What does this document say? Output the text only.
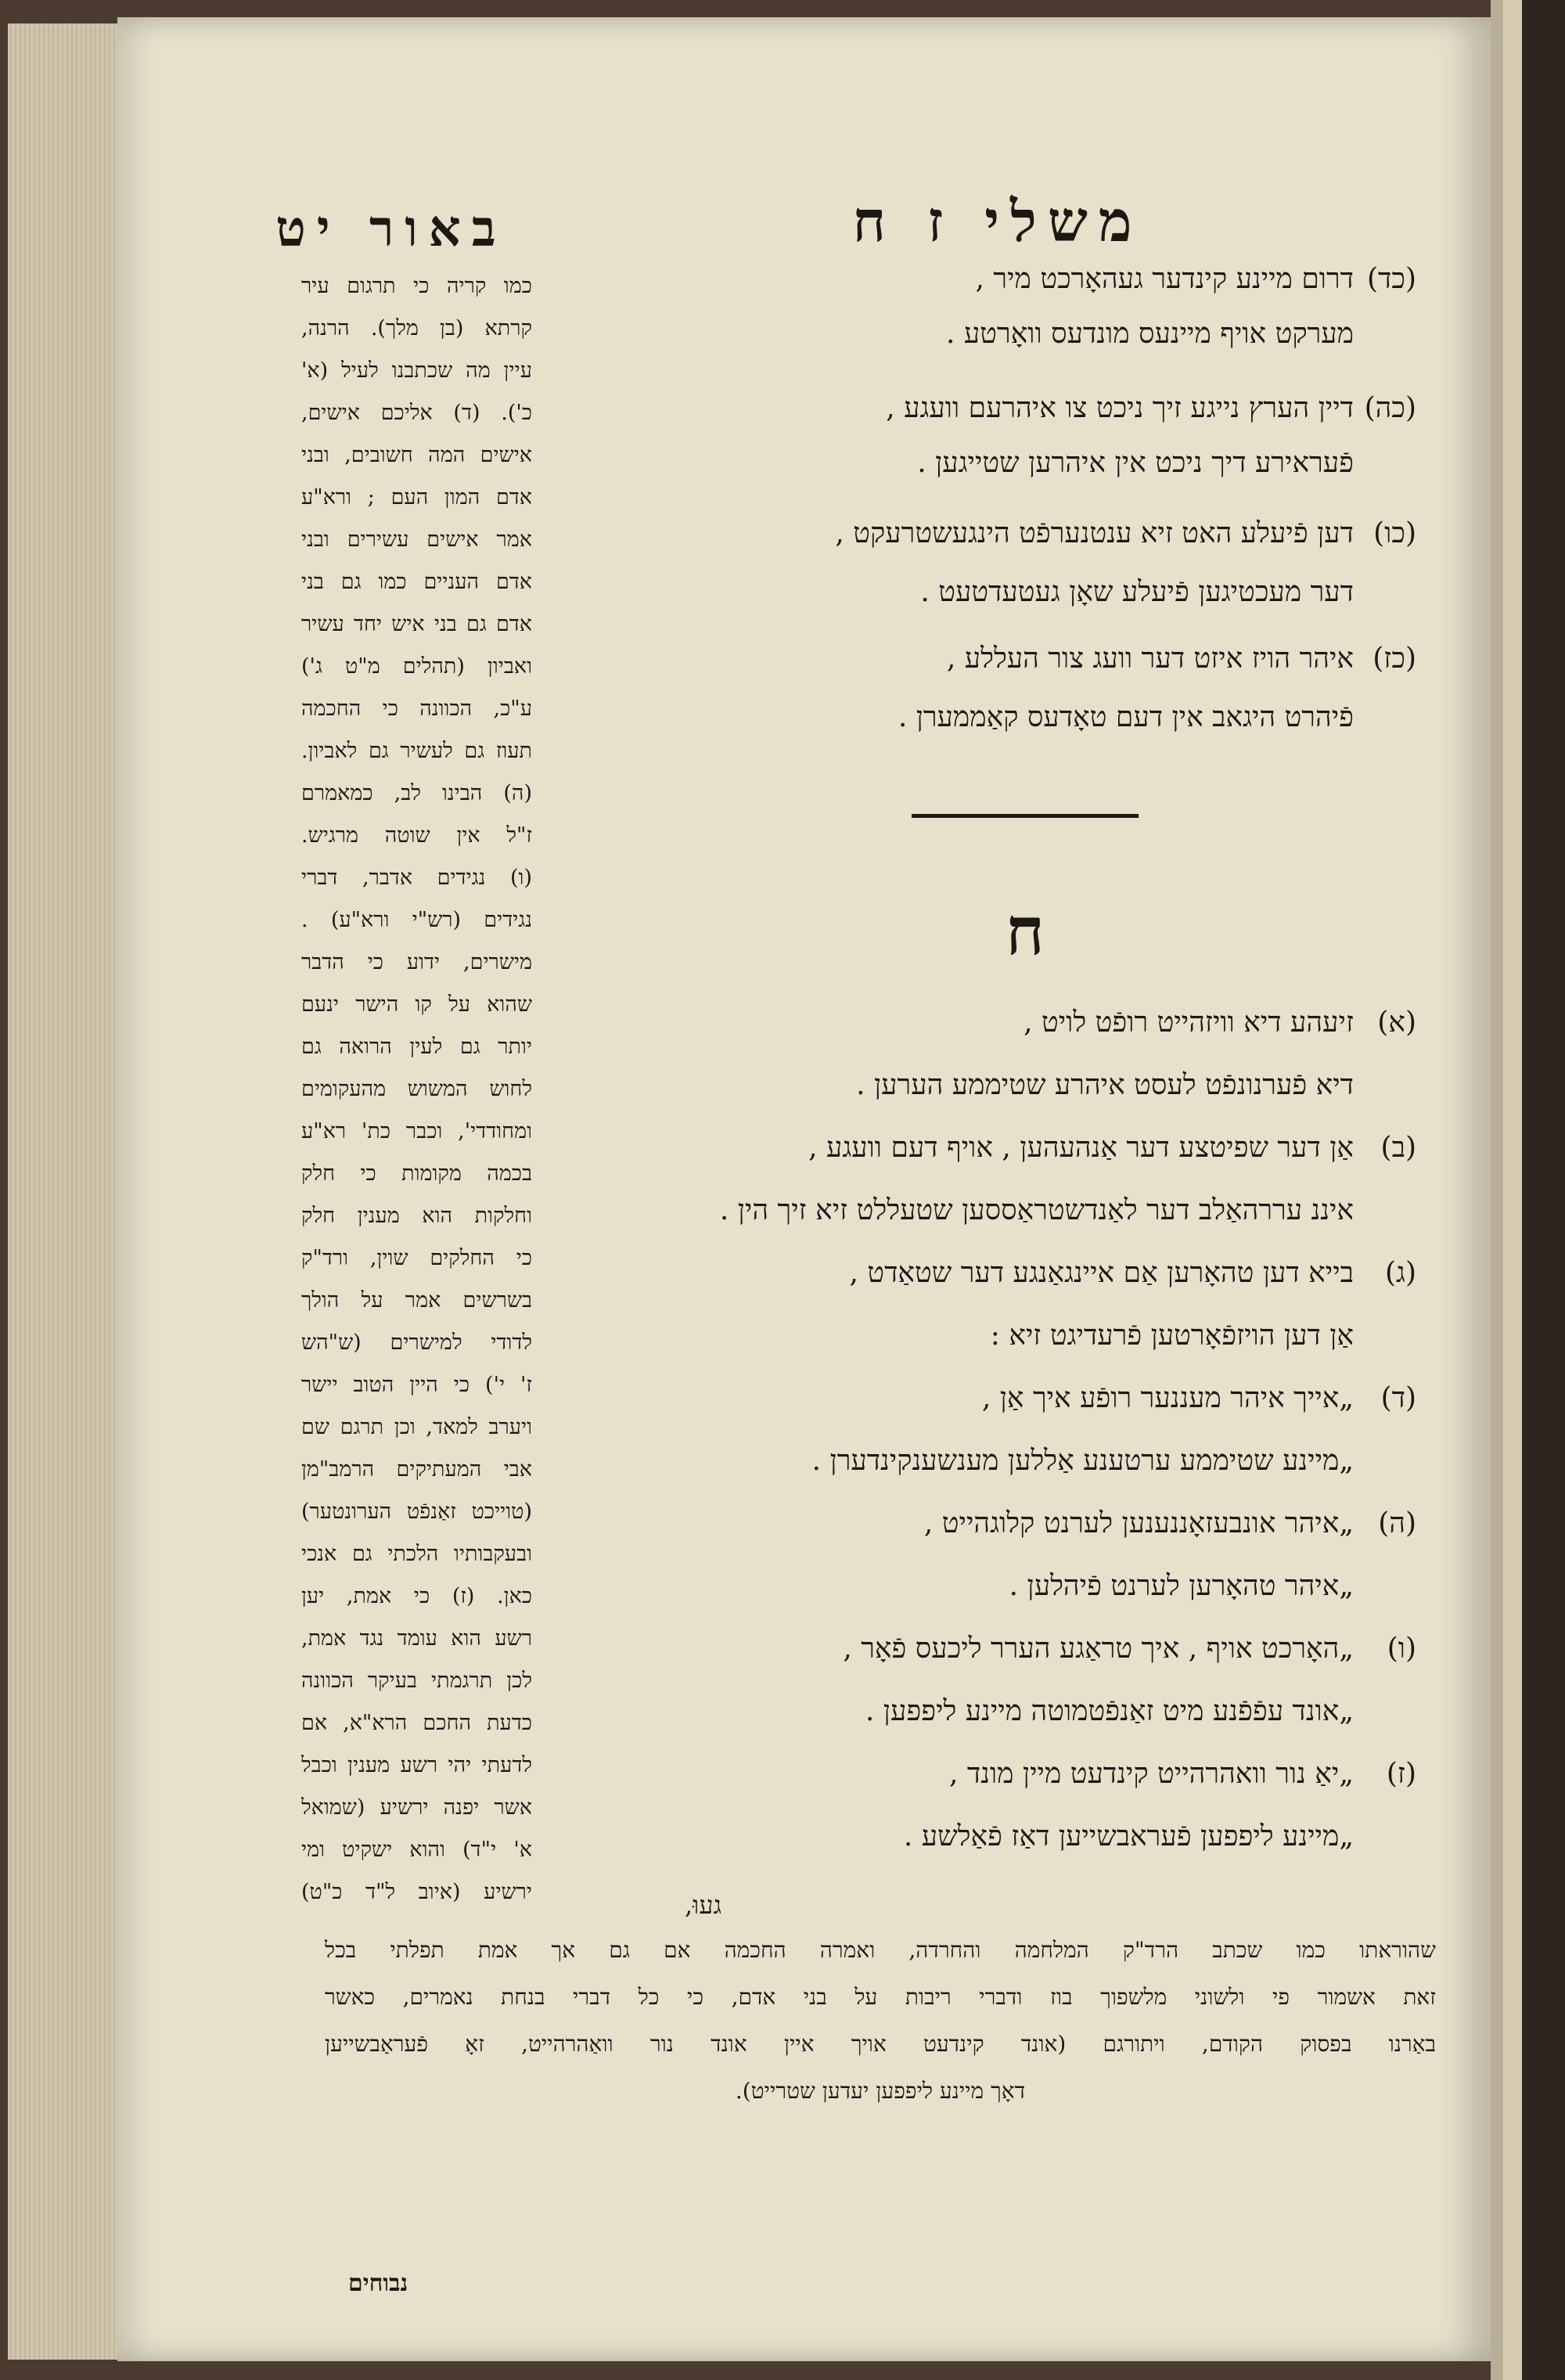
משלי ז ח
באור יט
(כד)
דרום מיינע קינדער געהאָרכט מיר ,
מערקט אויף מיינעס מונדעס וואָרטע .
(כה)
דיין הערץ נייגע זיך ניכט צו איהרעם וועגע ,
פֿעראירע דיך ניכט אין איהרען שטייגען .
(כו)
דען פֿיעלע האט זיא ענטנערפֿט הינגעשטרעקט ,
דער מעכטיגען פֿיעלע שאָן געטעדטעט .
(כז)
איהר הויז איזט דער וועג צור העללע ,
פֿיהרט היגאב אין דעם טאָדעס קאַממערן .
ח
(א)
זיעהע דיא וויזהייט רופֿט לויט ,
דיא פֿערנונפֿט לעסט איהרע שטיממע הערען .
(ב)
אַן דער שפיטצע דער אַנהעהען , אויף דעם וועגע ,
איננ עררהאַלב דער לאַנדשטראַססען שטעללט זיא זיך הין .
(ג)
בייא דען טהאָרען אַם איינגאַנגע דער שטאַדט ,
אַן דען הויזפֿאָרטען פֿרעדיגט זיא :
(ד)
„אייך איהר מעננער רופֿע איך אַן ,
„מיינע שטיממע ערטענע אַללען מענשענקינדערן .
(ה)
„איהר אונבעזאָננענען לערנט קלוגהייט ,
„איהר טהאָרען לערנט פֿיהלען .
(ו)
„האָרכט אויף , איך טראַגע הערר ליכעס פֿאָר ,
„אונד עפֿפֿנע מיט זאַנפֿטמוטה מיינע ליפפען .
(ז)
„יאַ נור וואהרהייט קינדעט מיין מונד ,
„מיינע ליפפען פֿעראבשייען דאַז פֿאַלשע .
געוּ,
כמו קריה כי תרגום עיר
קרתא (בן מלך). הרנה,
עיין מה שכתבנו לעיל (א'
כ'). (ד) אליכם אישים,
אישים המה חשובים, ובני
אדם המון העם ; ורא"ע
אמר אישים עשירים ובני
אדם העניים כמו גם בני
אדם גם בני איש יחד עשיר
ואביון (תהלים מ"ט ג')
ע"כ, הכוונה כי החכמה
תעוז גם לעשיר גם לאביון.
(ה) הבינו לב, כמאמרם
ז"ל אין שוטה מרגיש.
(ו) נגידים אדבר, דברי
נגידים (רש"י ורא"ע) .
מישרים, ידוע כי הדבר
שהוא על קו הישר ינעם
יותר גם לעין הרואה גם
לחוש המשוש מהעקומים
ומחודדי', וכבר כת' רא"ע
בכמה מקומות כי חלק
וחלקות הוא מענין חלק
כי החלקים שוין, ורד"ק
בשרשים אמר על הולך
לדודי למישרים (ש"הש
ז' י') כי היין הטוב יישר
ויערב למאד, וכן תרגם שם
אבי המעתיקים הרמב"מן
(טוייכט זאַנפֿט הערונטער)
ובעקבותיו הלכתי גם אנכי
כאן. (ז) כי אמת, יען
רשע הוא עומד נגד אמת,
לכן תרגמתי בעיקר הכוונה
כדעת החכם הרא"א, אם
לדעתי יהי רשע מענין וכבל
אשר יפנה ירשיע (שמואל
א' י"ד) והוא ישקיט ומי
ירשיע (איוב ל"ד כ"ט)
שהוראתו כמו שכתב הרד"ק המלחמה והחרדה, ואמרה החכמה אם גם אך אמת תפלתי בכל
זאת אשמור פי ולשוני מלשפוך בוז ודברי ריבות על בני אדם, כי כל דברי בנחת נאמרים, כאשר
באַרנו בפסוק הקודם, ויתורגם (אונד קינדעט אויך איין אונד נור וואַהרהייט, זאָ פֿעראַבשייען
דאָך מיינע ליפפען יעדען שטרייט).
נבוחים
